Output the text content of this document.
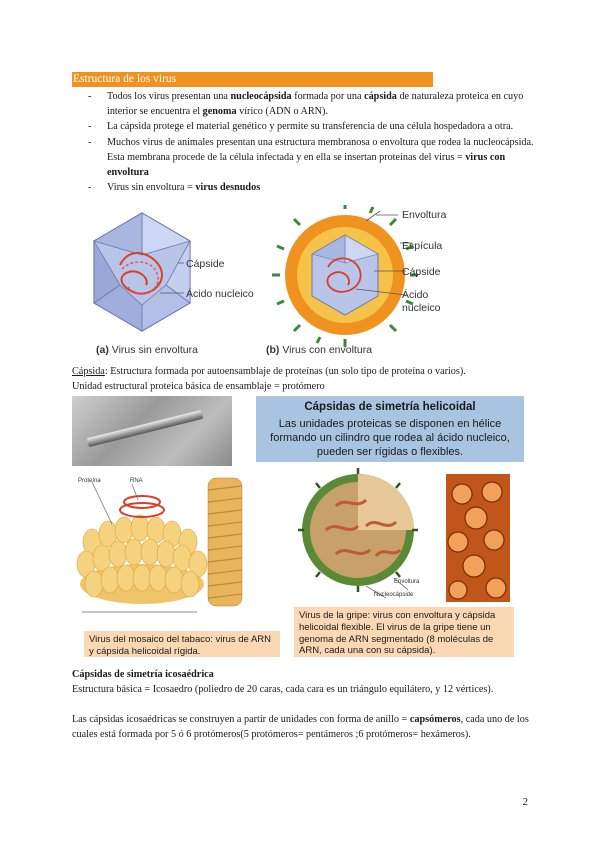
Estructura de los virus
- Todos los virus presentan una nucleocápsida formada por una cápsida de naturaleza proteica en cuyo interior se encuentra el genoma vírico (ADN o ARN).
- La cápsida protege el material genético y permite su transferencia de una célula hospedadora a otra.
- Muchos virus de animales presentan una estructura membranosa o envoltura que rodea la nucleocápsida. Esta membrana procede de la célula infectada y en ella se insertan proteínas del virus = virus con envoltura
- Virus sin envoltura = virus desnudos
Cápside
Ácido nucleico
Envoltura
Espícula
Cápside
Ácido
nucleico
(a) Virus sin envoltura	(b) Virus con envoltura
Cápsida: Estructura formada por autoensamblaje de proteínas (un solo tipo de proteína o varios).
Unidad estructural proteica básica de ensamblaje = protómero
Cápsidas de simetría helicoidal
Las unidades proteicas se disponen en hélice formando un cilindro que rodea al ácido nucleico, pueden ser rígidas o flexibles.
Proteína	RNA
Envoltura
Nucleocápside
Virus del mosaico del tabaco: virus de ARN y cápsida helicoidal rígida.
Virus de la gripe: virus con envoltura y cápsida helicoidal flexible. El virus de la gripe tiene un genoma de ARN segmentado (8 moléculas de ARN, cada una con su cápsida).
Cápsidas de simetría icosaédrica
Estructura básica = Icosaedro (poliedro de 20 caras, cada cara es un triángulo equilátero, y 12 vértices).
Las cápsidas icosaédricas se construyen a partir de unidades con forma de anillo = capsómeros, cada uno de los cuales está formada por 5 ó 6 protómeros(5 protómeros= pentámeros ;6 protómeros= hexámeros).
2
